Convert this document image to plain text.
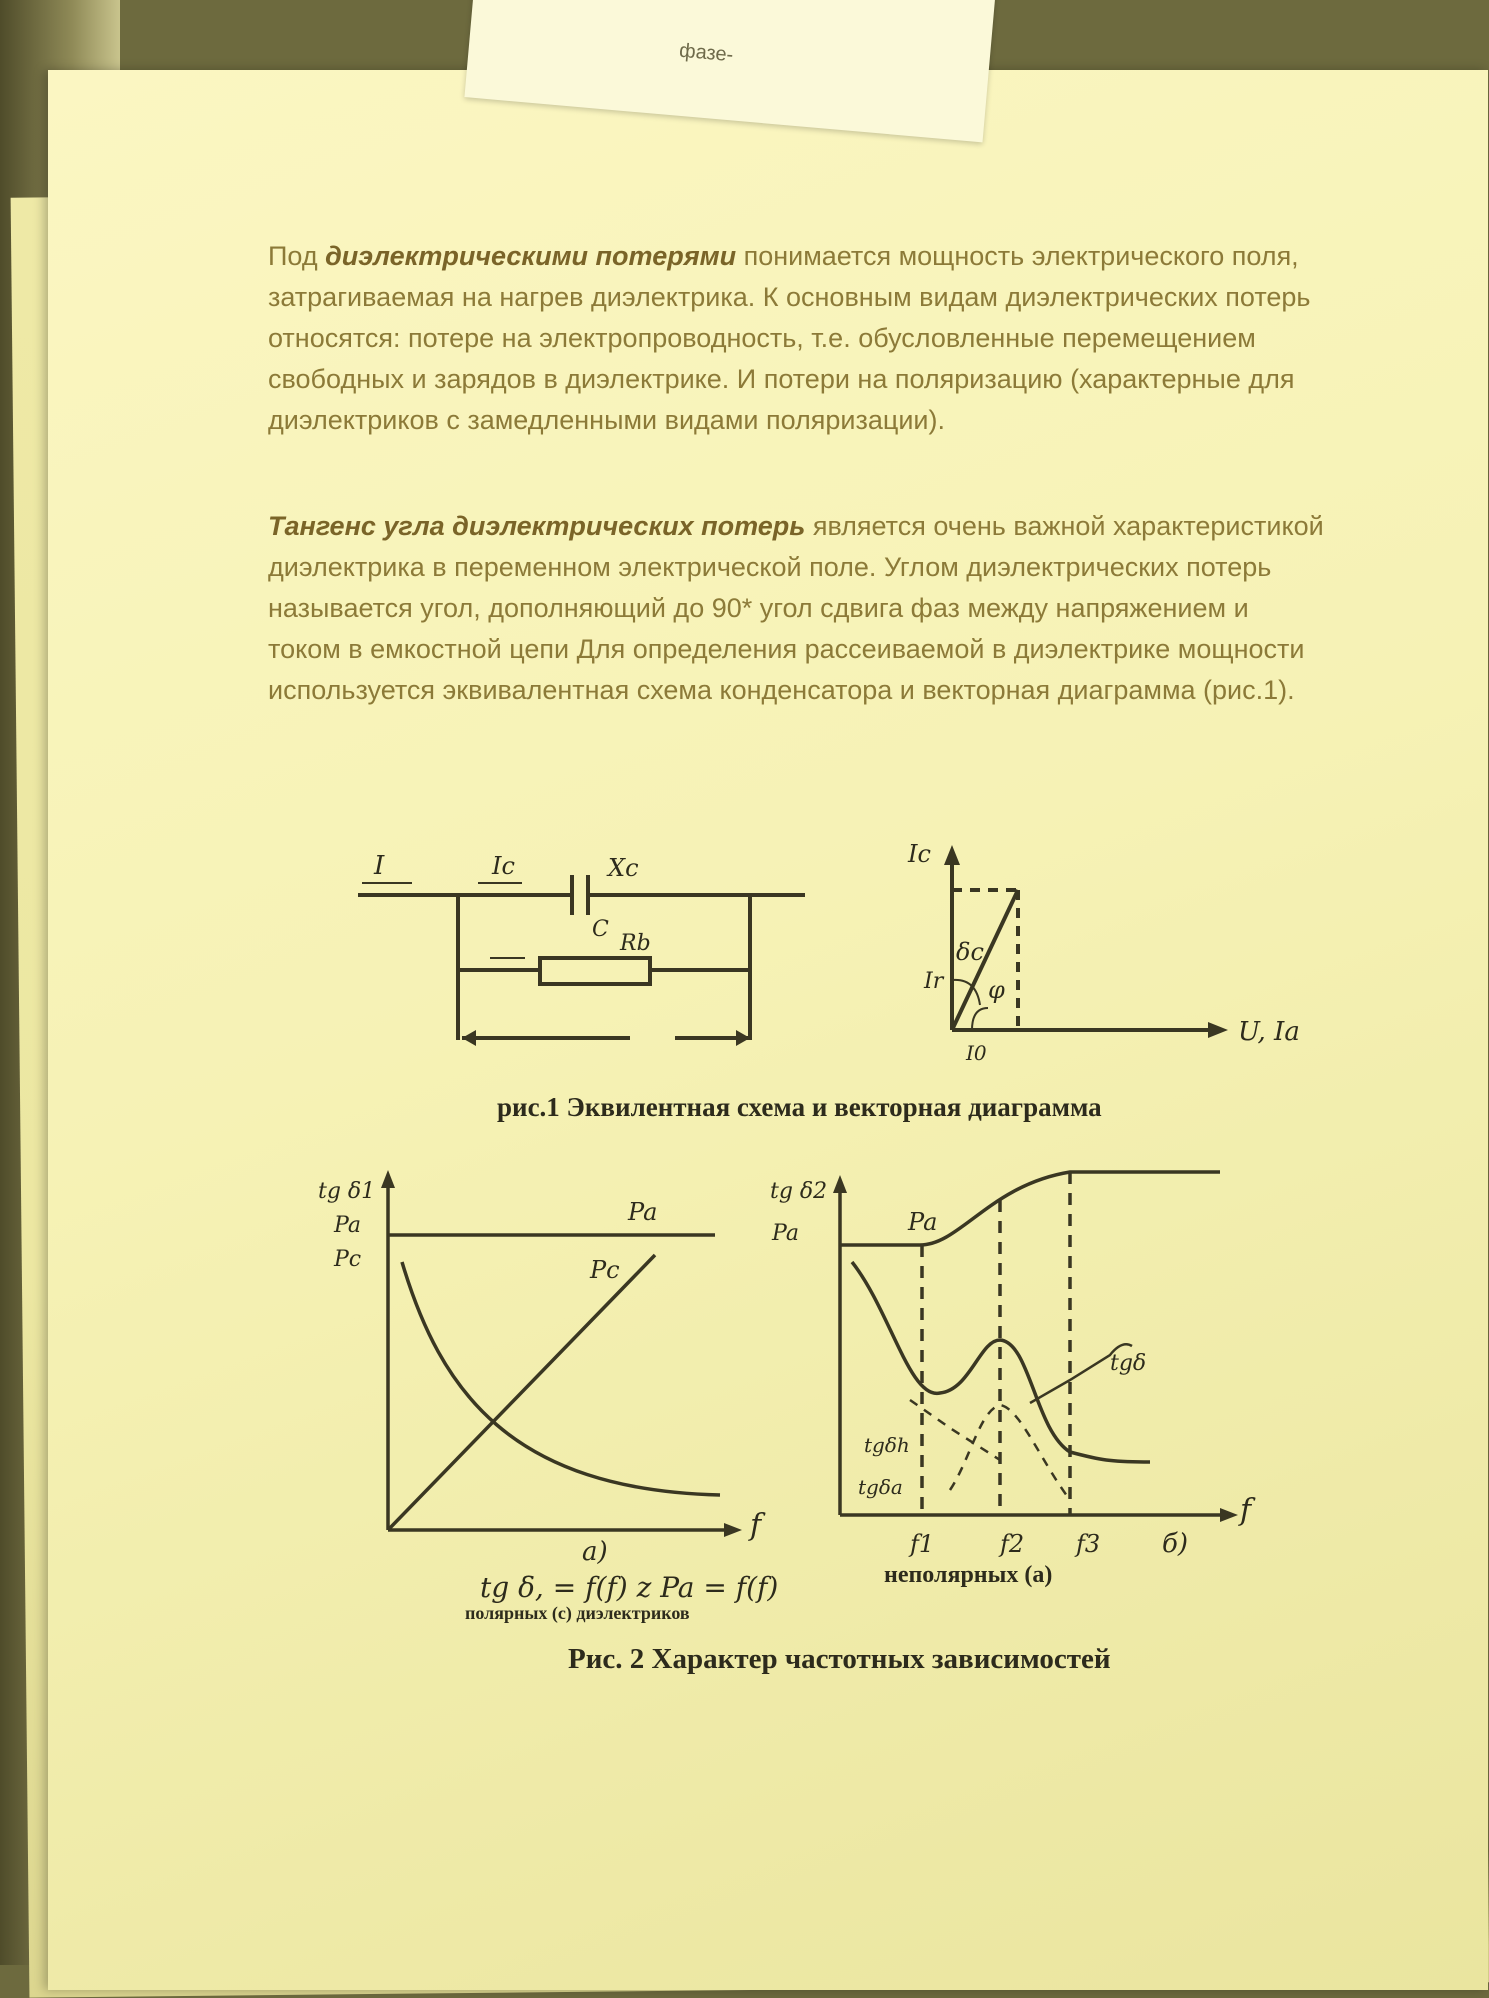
фазе-
Под диэлектрическими потерями понимается мощность электрического поля, затрагиваемая на нагрев диэлектрика. К основным видам диэлектрических потерь относятся: потере на электропроводность, т.е. обусловленные перемещением свободных и зарядов в диэлектрике. И потери на поляризацию (характерные для диэлектриков с замедленными видами поляризации).
Тангенс угла диэлектрических потерь является очень важной характеристикой диэлектрика в переменном электрической поле. Углом диэлектрических потерь называется угол, дополняющий до 90* угол сдвига фаз между напряжением и током в емкостной цепи Для определения рассеиваемой в диэлектрике мощности используется эквивалентная схема конденсатора и векторная диаграмма (рис.1).
I	Ic	Xc
C
Rb
Ic
U, Ia
δc
φ
Ir
I0
рис.1 Эквилентная схема и векторная диаграмма
tg δ1
Pa
Pc
Pa
Pc
f
a)
tg δ2
Pa	Pa
tgδ
tgδh
tgδa
f
f1	f2 f3 б)
tg δ, = f(f) z Pa = f(f)	неполярных (а)
полярных (с) диэлектриков
Рис. 2 Характер частотных зависимостей
